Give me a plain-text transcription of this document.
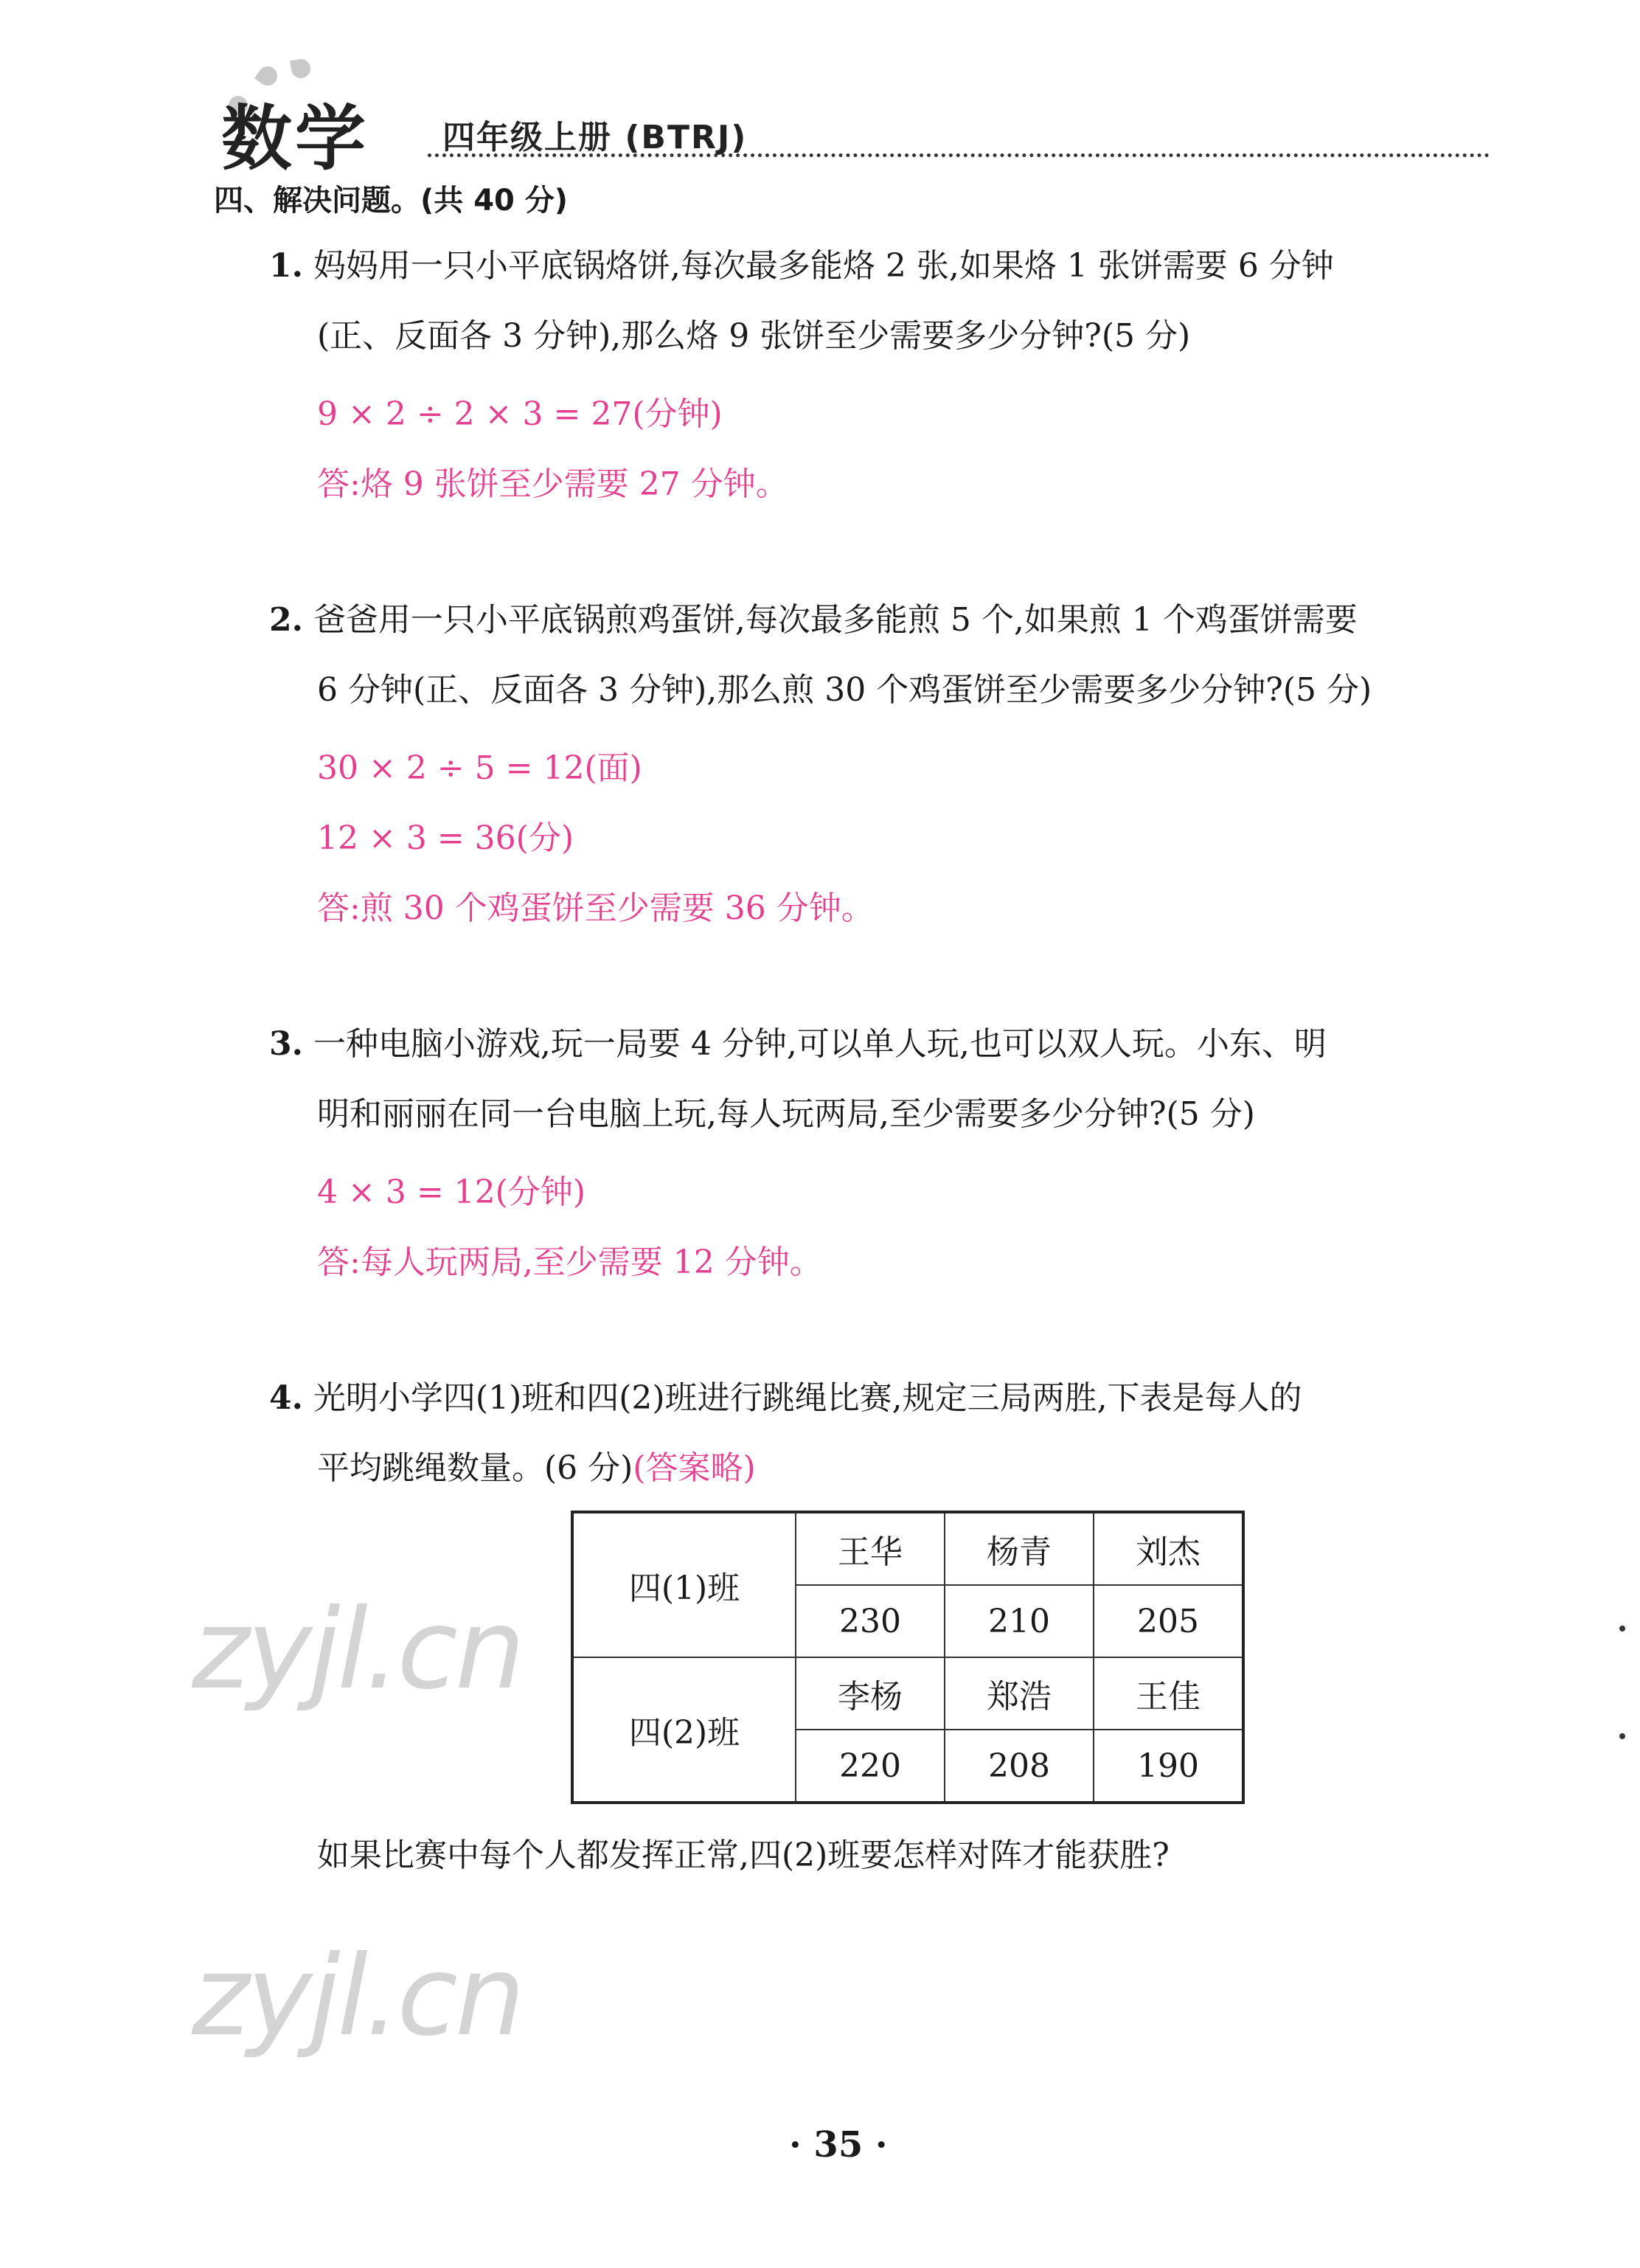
数学 四年级上册 (BTRJ)
四、解决问题。(共 40 分)
1. 妈妈用一只小平底锅烙饼,每次最多能烙 2 张,如果烙 1 张饼需要 6 分钟
(正、反面各 3 分钟),那么烙 9 张饼至少需要多少分钟?(5 分)
9 × 2 ÷ 2 × 3 = 27(分钟)
答:烙 9 张饼至少需要 27 分钟。
2. 爸爸用一只小平底锅煎鸡蛋饼,每次最多能煎 5 个,如果煎 1 个鸡蛋饼需要
6 分钟(正、反面各 3 分钟),那么煎 30 个鸡蛋饼至少需要多少分钟?(5 分)
30 × 2 ÷ 5 = 12(面)
12 × 3 = 36(分)
答:煎 30 个鸡蛋饼至少需要 36 分钟。
3. 一种电脑小游戏,玩一局要 4 分钟,可以单人玩,也可以双人玩。小东、明
明和丽丽在同一台电脑上玩,每人玩两局,至少需要多少分钟?(5 分)
4 × 3 = 12(分钟)
答:每人玩两局,至少需要 12 分钟。
4. 光明小学四(1)班和四(2)班进行跳绳比赛,规定三局两胜,下表是每人的
平均跳绳数量。(6 分)(答案略)
四(1)班	王华	杨青	刘杰
	230	210	205
四(2)班	李杨	郑浩	王佳
	220	208	190
如果比赛中每个人都发挥正常,四(2)班要怎样对阵才能获胜?
zyjl.cn
zyjl.cn
· 35 ·
